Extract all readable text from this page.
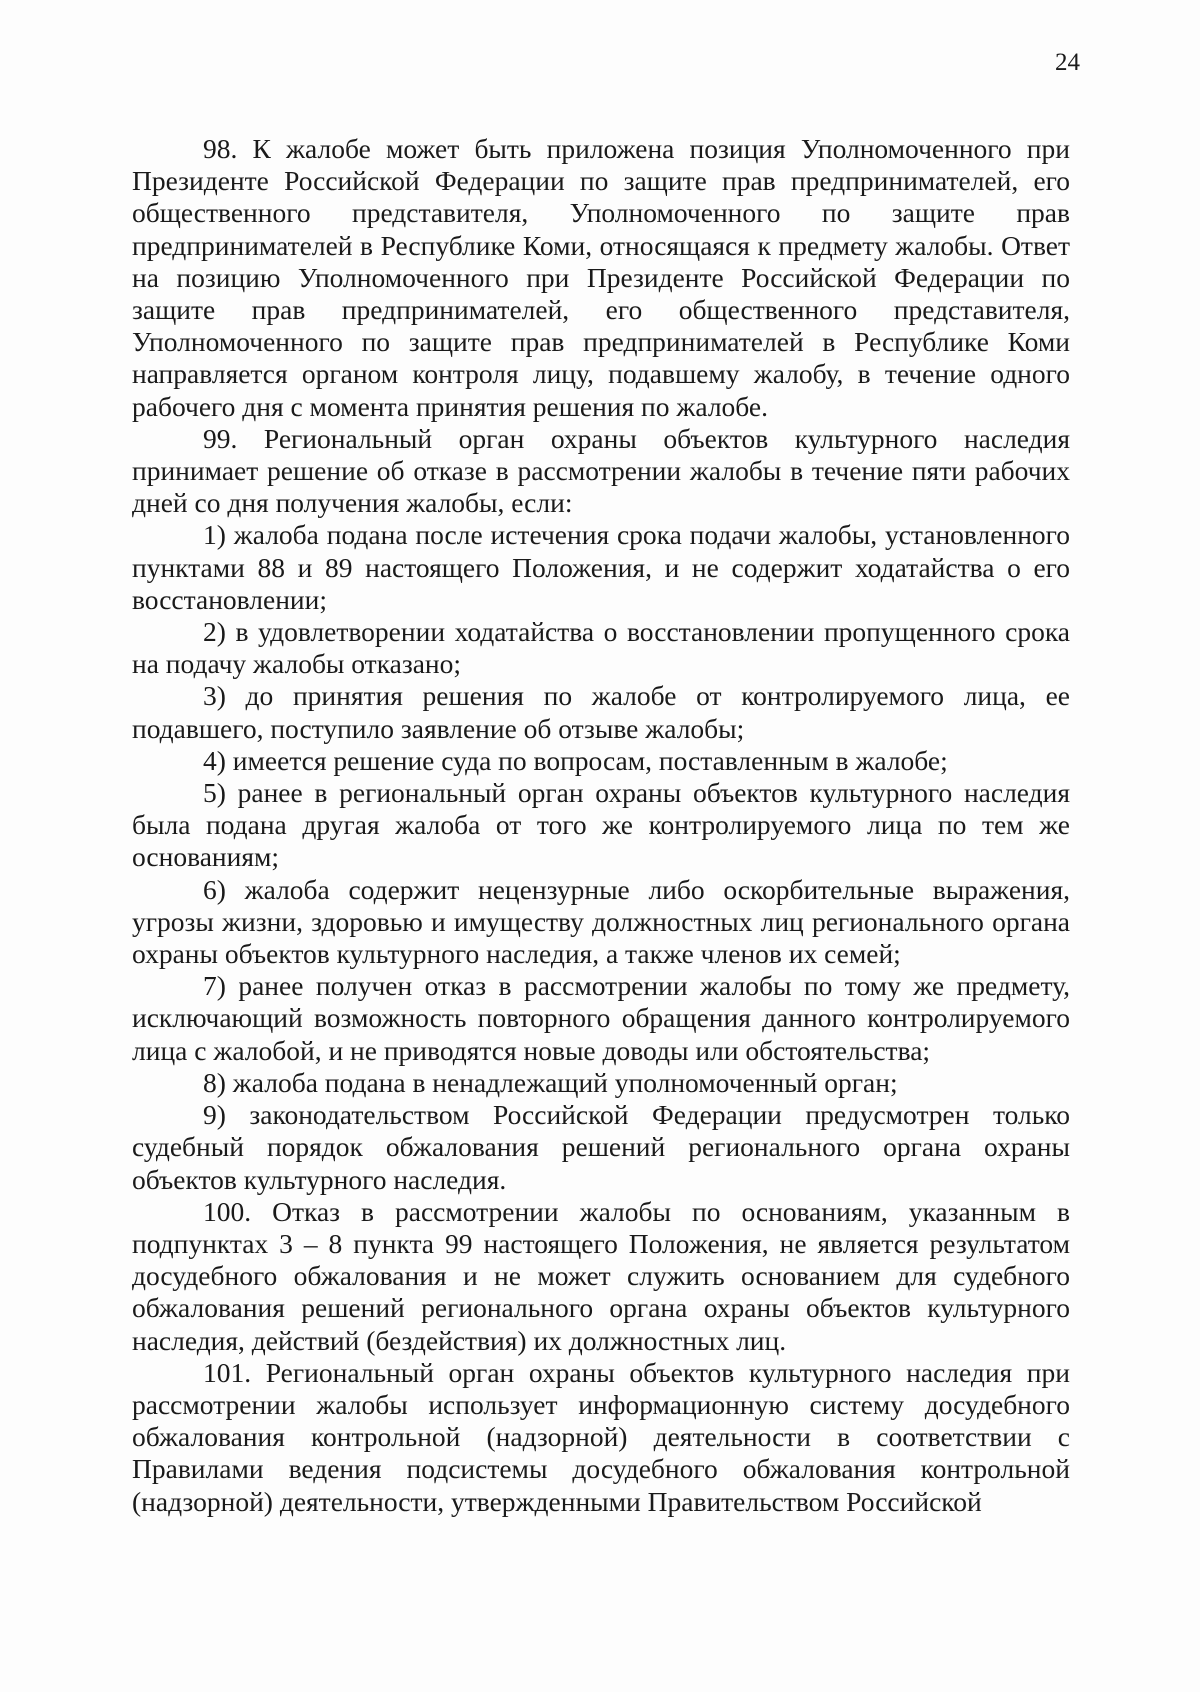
24

98. К жалобе может быть приложена позиция Уполномоченного при Президенте Российской Федерации по защите прав предпринимателей, его общественного представителя, Уполномоченного по защите прав предпринимателей в Республике Коми, относящаяся к предмету жалобы. Ответ на позицию Уполномоченного при Президенте Российской Федерации по защите прав предпринимателей, его общественного представителя, Уполномоченного по защите прав предпринимателей в Республике Коми направляется органом контроля лицу, подавшему жалобу, в течение одного рабочего дня с момента принятия решения по жалобе.

99. Региональный орган охраны объектов культурного наследия принимает решение об отказе в рассмотрении жалобы в течение пяти рабочих дней со дня получения жалобы, если:

1) жалоба подана после истечения срока подачи жалобы, установленного пунктами 88 и 89 настоящего Положения, и не содержит ходатайства о его восстановлении;

2) в удовлетворении ходатайства о восстановлении пропущенного срока на подачу жалобы отказано;

3) до принятия решения по жалобе от контролируемого лица, ее подавшего, поступило заявление об отзыве жалобы;

4) имеется решение суда по вопросам, поставленным в жалобе;

5) ранее в региональный орган охраны объектов культурного наследия была подана другая жалоба от того же контролируемого лица по тем же основаниям;

6) жалоба содержит нецензурные либо оскорбительные выражения, угрозы жизни, здоровью и имуществу должностных лиц регионального органа охраны объектов культурного наследия, а также членов их семей;

7) ранее получен отказ в рассмотрении жалобы по тому же предмету, исключающий возможность повторного обращения данного контролируемого лица с жалобой, и не приводятся новые доводы или обстоятельства;

8) жалоба подана в ненадлежащий уполномоченный орган;

9) законодательством Российской Федерации предусмотрен только судебный порядок обжалования решений регионального органа охраны объектов культурного наследия.

100. Отказ в рассмотрении жалобы по основаниям, указанным в подпунктах 3 – 8 пункта 99 настоящего Положения, не является результатом досудебного обжалования и не может служить основанием для судебного обжалования решений регионального органа охраны объектов культурного наследия, действий (бездействия) их должностных лиц.

101. Региональный орган охраны объектов культурного наследия при рассмотрении жалобы использует информационную систему досудебного обжалования контрольной (надзорной) деятельности в соответствии с Правилами ведения подсистемы досудебного обжалования контрольной (надзорной) деятельности, утвержденными Правительством Российской
